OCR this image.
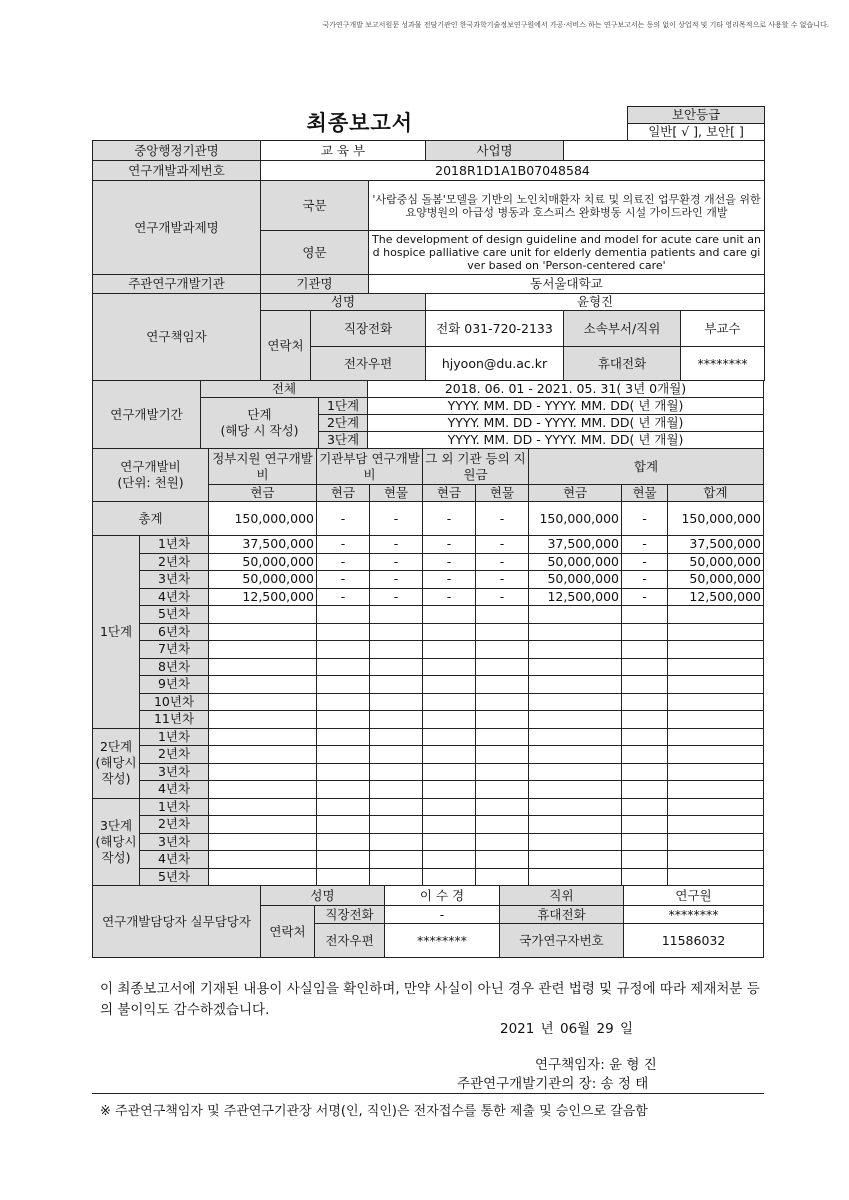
국가연구개발 보고서원문 성과물 전담기관인 한국과학기술정보연구원에서 가공·서비스 하는 연구보고서는 동의 없이 상업적 및 기타 영리목적으로 사용할 수 없습니다.
최종보고서						보안등급	
						일반[ √ ], 보안[ ]	
중앙행정기관명	교 육 부			사업명			
연구개발과제번호	2018R1D1A1B07048584						
연구개발과제명	국문		'사람중심 돌봄'모델을 기반의 노인치매환자 치료 및 의료진 업무환경 개선을 위한 요양병원의 아급성 병동과 호스피스 완화병동 시설 가이드라인 개발				
	영문		The development of design guideline and model for acute care unit and hospice palliative care unit for elderly dementia patients and care giver based on 'Person-centered care'				
주관연구개발기관	기관명		동서울대학교				
연구책임자	성명			윤형진			
	연락처	직장전화		전화 031-720-2133	소속부서/직위		부교수
		전자우편		hjyoon@du.ac.kr	휴대전화		********
연구개발기간	전체		2018. 06. 01 - 2021. 05. 31( 3년 0개월)
	단계
(해당 시 작성)	1단계	YYYY. MM. DD - YYYY. MM. DD( 년 개월)
		2단계	YYYY. MM. DD - YYYY. MM. DD( 년 개월)
		3단계	YYYY. MM. DD - YYYY. MM. DD( 년 개월)
연구개발비
(단위: 천원)		정부지원 연구개발비	기관부담 연구개발비		그 외 기관 등의 지원금		합계		
		현금	현금	현물	현금	현물	현금	현물	합계
총계		150,000,000	-	-	-	-	150,000,000	-	150,000,000
1단계	1년차	37,500,000	-	-	-	-	37,500,000	-	37,500,000
	2년차	50,000,000	-	-	-	-	50,000,000	-	50,000,000
	3년차	50,000,000	-	-	-	-	50,000,000	-	50,000,000
	4년차	12,500,000	-	-	-	-	12,500,000	-	12,500,000
	5년차								
	6년차								
	7년차								
	8년차								
	9년차								
	10년차								
	11년차								
2단계 (해당시 작성)	1년차								
	2년차								
	3년차								
	4년차								
3단계 (해당시 작성)	1년차								
	2년차								
	3년차								
	4년차								
	5년차								
연구개발담당자 실무담당자	성명		이 수 경	직위	연구원
	연락처	직장전화	-	휴대전화	********
		전자우편	********	국가연구자번호	11586032
이 최종보고서에 기재된 내용이 사실임을 확인하며, 만약 사실이 아닌 경우 관련 법령 및 규정에 따라 제재처분 등의 불이익도 감수하겠습니다.
2021 년 06월 29 일
연구책임자: 윤 형 진
주관연구개발기관의 장: 송 정 태
※ 주관연구책임자 및 주관연구기관장 서명(인, 직인)은 전자접수를 통한 제출 및 승인으로 갈음함
